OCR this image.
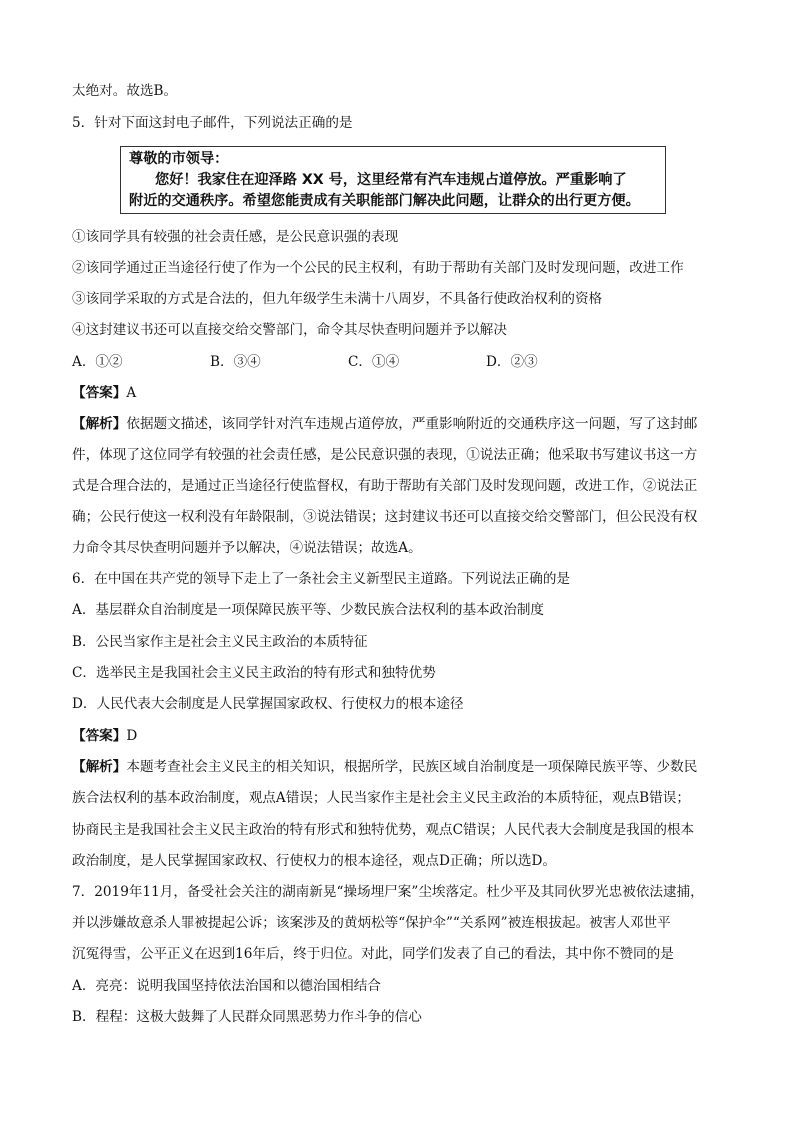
太绝对。故选B。
5．针对下面这封电子邮件，下列说法正确的是
尊敬的市领导：
您好！我家住在迎泽路 XX 号，这里经常有汽车违规占道停放。严重影响了
附近的交通秩序。希望您能责成有关职能部门解决此问题，让群众的出行更方便。
①该同学具有较强的社会责任感，是公民意识强的表现
②该同学通过正当途径行使了作为一个公民的民主权利，有助于帮助有关部门及时发现问题，改进工作
③该同学采取的方式是合法的，但九年级学生未满十八周岁，不具备行使政治权利的资格
④这封建议书还可以直接交给交警部门，命令其尽快查明问题并予以解决
A．①②	B．③④	C．①④	D．②③
【答案】A
【解析】依据题文描述，该同学针对汽车违规占道停放，严重影响附近的交通秩序这一问题，写了这封邮
件，体现了这位同学有较强的社会责任感，是公民意识强的表现，①说法正确；他采取书写建议书这一方
式是合理合法的，是通过正当途径行使监督权，有助于帮助有关部门及时发现问题，改进工作，②说法正
确；公民行使这一权利没有年龄限制，③说法错误；这封建议书还可以直接交给交警部门，但公民没有权
力命令其尽快查明问题并予以解决，④说法错误；故选A。
6．在中国在共产党的领导下走上了一条社会主义新型民主道路。下列说法正确的是
A．基层群众自治制度是一项保障民族平等、少数民族合法权利的基本政治制度
B．公民当家作主是社会主义民主政治的本质特征
C．选举民主是我国社会主义民主政治的特有形式和独特优势
D．人民代表大会制度是人民掌握国家政权、行使权力的根本途径
【答案】D
【解析】本题考查社会主义民主的相关知识，根据所学，民族区域自治制度是一项保障民族平等、少数民
族合法权利的基本政治制度，观点A错误；人民当家作主是社会主义民主政治的本质特征，观点B错误；
协商民主是我国社会主义民主政治的特有形式和独特优势，观点C错误；人民代表大会制度是我国的根本
政治制度，是人民掌握国家政权、行使权力的根本途径，观点D正确；所以选D。
7．2019年11月，备受社会关注的湖南新晃“操场埋尸案”尘埃落定。杜少平及其同伙罗光忠被依法逮捕，
并以涉嫌故意杀人罪被提起公诉；该案涉及的黄炳松等“保护伞”“关系网”被连根拔起。被害人邓世平
沉冤得雪，公平正义在迟到16年后，终于归位。对此，同学们发表了自己的看法，其中你不赞同的是
A．亮亮：说明我国坚持依法治国和以德治国相结合
B．程程：这极大鼓舞了人民群众同黑恶势力作斗争的信心
